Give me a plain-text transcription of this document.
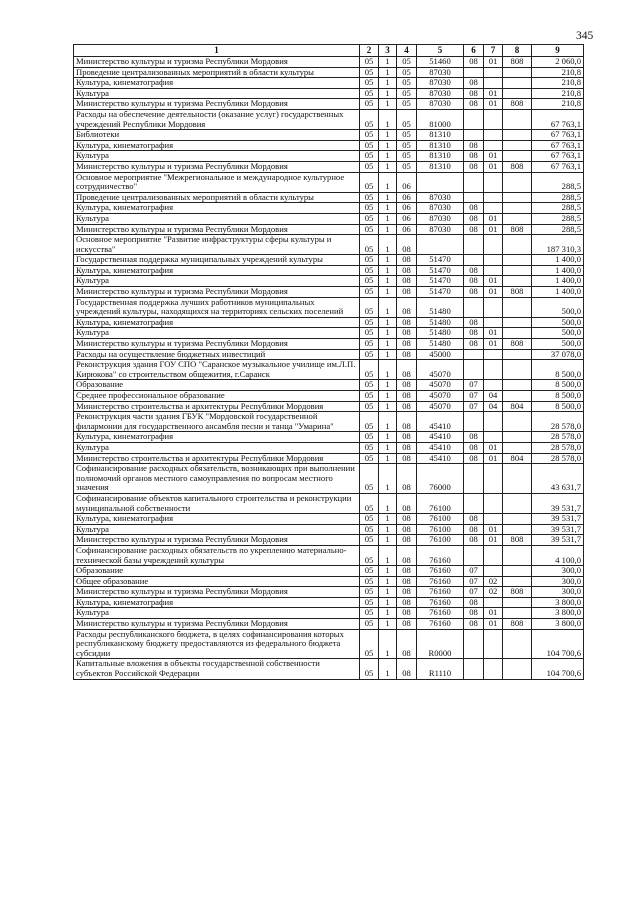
345
1	2	3	4	5	6	7	8	9
Министерство культуры и туризма Республики Мордовия	05	1	05	51460	08	01	808	2 060,0
Проведение централизованных мероприятий в области культуры	05	1	05	87030				210,8
Культура, кинематография	05	1	05	87030	08			210,8
Культура	05	1	05	87030	08	01		210,8
Министерство культуры и туризма Республики Мордовия	05	1	05	87030	08	01	808	210,8
Расходы на обеспечение деятельности (оказание услуг) государственных учреждений Республики Мордовия	05	1	05	81000				67 763,1
Библиотеки	05	1	05	81310				67 763,1
Культура, кинематография	05	1	05	81310	08			67 763,1
Культура	05	1	05	81310	08	01		67 763,1
Министерство культуры и туризма Республики Мордовия	05	1	05	81310	08	01	808	67 763,1
Основное мероприятие "Межрегиональное и международное культурное сотрудничество"	05	1	06					288,5
Проведение централизованных мероприятий в области культуры	05	1	06	87030				288,5
Культура, кинематография	05	1	06	87030	08			288,5
Культура	05	1	06	87030	08	01		288,5
Министерство культуры и туризма Республики Мордовия	05	1	06	87030	08	01	808	288,5
Основное мероприятие "Развитие инфраструктуры сферы культуры и искусства"	05	1	08					187 310,3
Государственная поддержка муниципальных учреждений культуры	05	1	08	51470				1 400,0
Культура, кинематография	05	1	08	51470	08			1 400,0
Культура	05	1	08	51470	08	01		1 400,0
Министерство культуры и туризма Республики Мордовия	05	1	08	51470	08	01	808	1 400,0
Государственная поддержка лучших работников муниципальных учреждений культуры, находящихся на территориях сельских поселений	05	1	08	51480				500,0
Культура, кинематография	05	1	08	51480	08			500,0
Культура	05	1	08	51480	08	01		500,0
Министерство культуры и туризма Республики Мордовия	05	1	08	51480	08	01	808	500,0
Расходы на осуществление бюджетных инвестиций	05	1	08	45000				37 078,0
Реконструкция здания ГОУ СПО "Саранское музыкальное училище им.Л.П. Кирюкова" со строительством общежития, г.Саранск	05	1	08	45070				8 500,0
Образование	05	1	08	45070	07			8 500,0
Среднее профессиональное образование	05	1	08	45070	07	04		8 500,0
Министерство строительства и архитектуры Республики Мордовия	05	1	08	45070	07	04	804	8 500,0
Реконструкция части здания ГБУК "Мордовской государственной филармонии для государственного ансамбля песни и танца "Умарина"	05	1	08	45410				28 578,0
Культура, кинематография	05	1	08	45410	08			28 578,0
Культура	05	1	08	45410	08	01		28 578,0
Министерство строительства и архитектуры Республики Мордовия	05	1	08	45410	08	01	804	28 578,0
Софинансирование расходных обязательств, возникающих при выполнении полномочий органов местного самоуправления по вопросам местного значения	05	1	08	76000				43 631,7
Софинансирование объектов капитального строительства и реконструкции муниципальной собственности	05	1	08	76100				39 531,7
Культура, кинематография	05	1	08	76100	08			39 531,7
Культура	05	1	08	76100	08	01		39 531,7
Министерство культуры и туризма Республики Мордовия	05	1	08	76100	08	01	808	39 531,7
Софинансирование расходных обязательств по укреплению материально-технической базы учреждений культуры	05	1	08	76160				4 100,0
Образование	05	1	08	76160	07			300,0
Общее образование	05	1	08	76160	07	02		300,0
Министерство культуры и туризма Республики Мордовия	05	1	08	76160	07	02	808	300,0
Культура, кинематография	05	1	08	76160	08			3 800,0
Культура	05	1	08	76160	08	01		3 800,0
Министерство культуры и туризма Республики Мордовия	05	1	08	76160	08	01	808	3 800,0
Расходы республиканского бюджета, в целях софинансирования которых республиканскому бюджету предоставляются из федерального бюджета субсидии	05	1	08	R0000				104 700,6
Капитальные вложения в объекты государственной собственности субъектов Российской Федерации	05	1	08	R1110				104 700,6
